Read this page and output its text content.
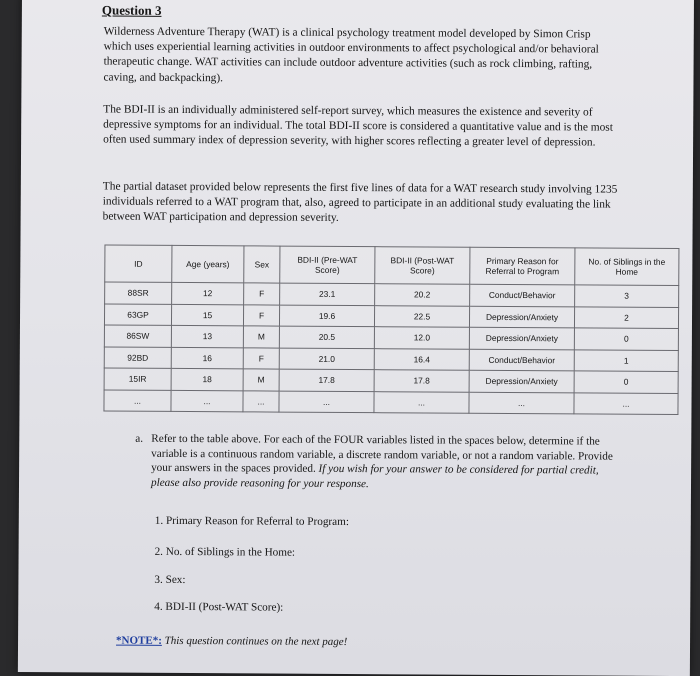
Question 3
Wilderness Adventure Therapy (WAT) is a clinical psychology treatment model developed by Simon Crisp which uses experiential learning activities in outdoor environments to affect psychological and/or behavioral therapeutic change. WAT activities can include outdoor adventure activities (such as rock climbing, rafting, caving, and backpacking).
The BDI-II is an individually administered self-report survey, which measures the existence and severity of depressive symptoms for an individual. The total BDI-II score is considered a quantitative value and is the most often used summary index of depression severity, with higher scores reflecting a greater level of depression.
The partial dataset provided below represents the first five lines of data for a WAT research study involving 1235 individuals referred to a WAT program that, also, agreed to participate in an additional study evaluating the link between WAT participation and depression severity.
ID	Age (years)	Sex	BDI-II (Pre-WAT Score)	BDI-II (Post-WAT Score)	Primary Reason for Referral to Program	No. of Siblings in the Home
88SR	12	F	23.1	20.2	Conduct/Behavior	3
63GP	15	F	19.6	22.5	Depression/Anxiety	2
86SW	13	M	20.5	12.0	Depression/Anxiety	0
92BD	16	F	21.0	16.4	Conduct/Behavior	1
15IR	18	M	17.8	17.8	Depression/Anxiety	0
...	...	...	...	...	...	...
a. Refer to the table above. For each of the FOUR variables listed in the spaces below, determine if the variable is a continuous random variable, a discrete random variable, or not a random variable. Provide your answers in the spaces provided. If you wish for your answer to be considered for partial credit, please also provide reasoning for your response.
1. Primary Reason for Referral to Program:
2. No. of Siblings in the Home:
3. Sex:
4. BDI-II (Post-WAT Score):
*NOTE*: This question continues on the next page!
